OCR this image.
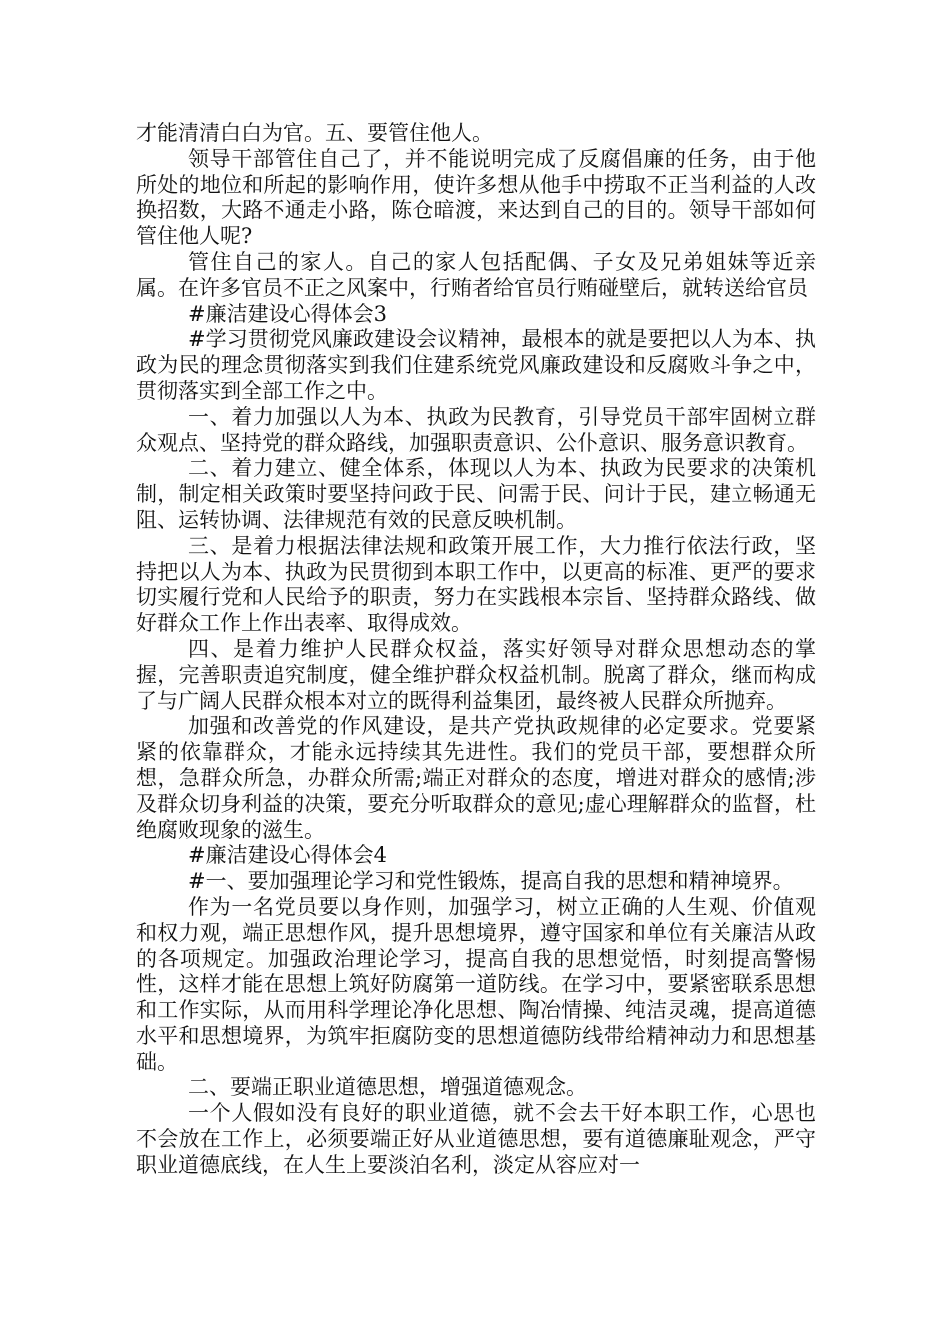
才能清清白白为官。五、要管住他人。

领导干部管住自己了，并不能说明完成了反腐倡廉的任务，由于他所处的地位和所起的影响作用，使许多想从他手中捞取不正当利益的人改换招数，大路不通走小路，陈仓暗渡，来达到自己的目的。领导干部如何管住他人呢?

管住自己的家人。自己的家人包括配偶、子女及兄弟姐妹等近亲属。在许多官员不正之风案中，行贿者给官员行贿碰壁后，就转送给官员

#廉洁建设心得体会3

#学习贯彻党风廉政建设会议精神，最根本的就是要把以人为本、执政为民的理念贯彻落实到我们住建系统党风廉政建设和反腐败斗争之中，贯彻落实到全部工作之中。

一、着力加强以人为本、执政为民教育，引导党员干部牢固树立群众观点、坚持党的群众路线，加强职责意识、公仆意识、服务意识教育。

二、着力建立、健全体系，体现以人为本、执政为民要求的决策机制，制定相关政策时要坚持问政于民、问需于民、问计于民，建立畅通无阻、运转协调、法律规范有效的民意反映机制。

三、是着力根据法律法规和政策开展工作，大力推行依法行政，坚持把以人为本、执政为民贯彻到本职工作中，以更高的标准、更严的要求切实履行党和人民给予的职责，努力在实践根本宗旨、坚持群众路线、做好群众工作上作出表率、取得成效。

四、是着力维护人民群众权益，落实好领导对群众思想动态的掌握，完善职责追究制度，健全维护群众权益机制。脱离了群众，继而构成了与广阔人民群众根本对立的既得利益集团，最终被人民群众所抛弃。

加强和改善党的作风建设，是共产党执政规律的必定要求。党要紧紧的依靠群众，才能永远持续其先进性。我们的党员干部，要想群众所想，急群众所急，办群众所需;端正对群众的态度，增进对群众的感情;涉及群众切身利益的决策，要充分听取群众的意见;虚心理解群众的监督，杜绝腐败现象的滋生。

#廉洁建设心得体会4

#一、要加强理论学习和党性锻炼，提高自我的思想和精神境界。

作为一名党员要以身作则，加强学习，树立正确的人生观、价值观和权力观，端正思想作风，提升思想境界，遵守国家和单位有关廉洁从政的各项规定。加强政治理论学习，提高自我的思想觉悟，时刻提高警惕性，这样才能在思想上筑好防腐第一道防线。在学习中，要紧密联系思想和工作实际，从而用科学理论净化思想、陶冶情操、纯洁灵魂，提高道德水平和思想境界，为筑牢拒腐防变的思想道德防线带给精神动力和思想基础。

二、要端正职业道德思想，增强道德观念。

一个人假如没有良好的职业道德，就不会去干好本职工作，心思也不会放在工作上，必须要端正好从业道德思想，要有道德廉耻观念，严守职业道德底线，在人生上要淡泊名利，淡定从容应对一
